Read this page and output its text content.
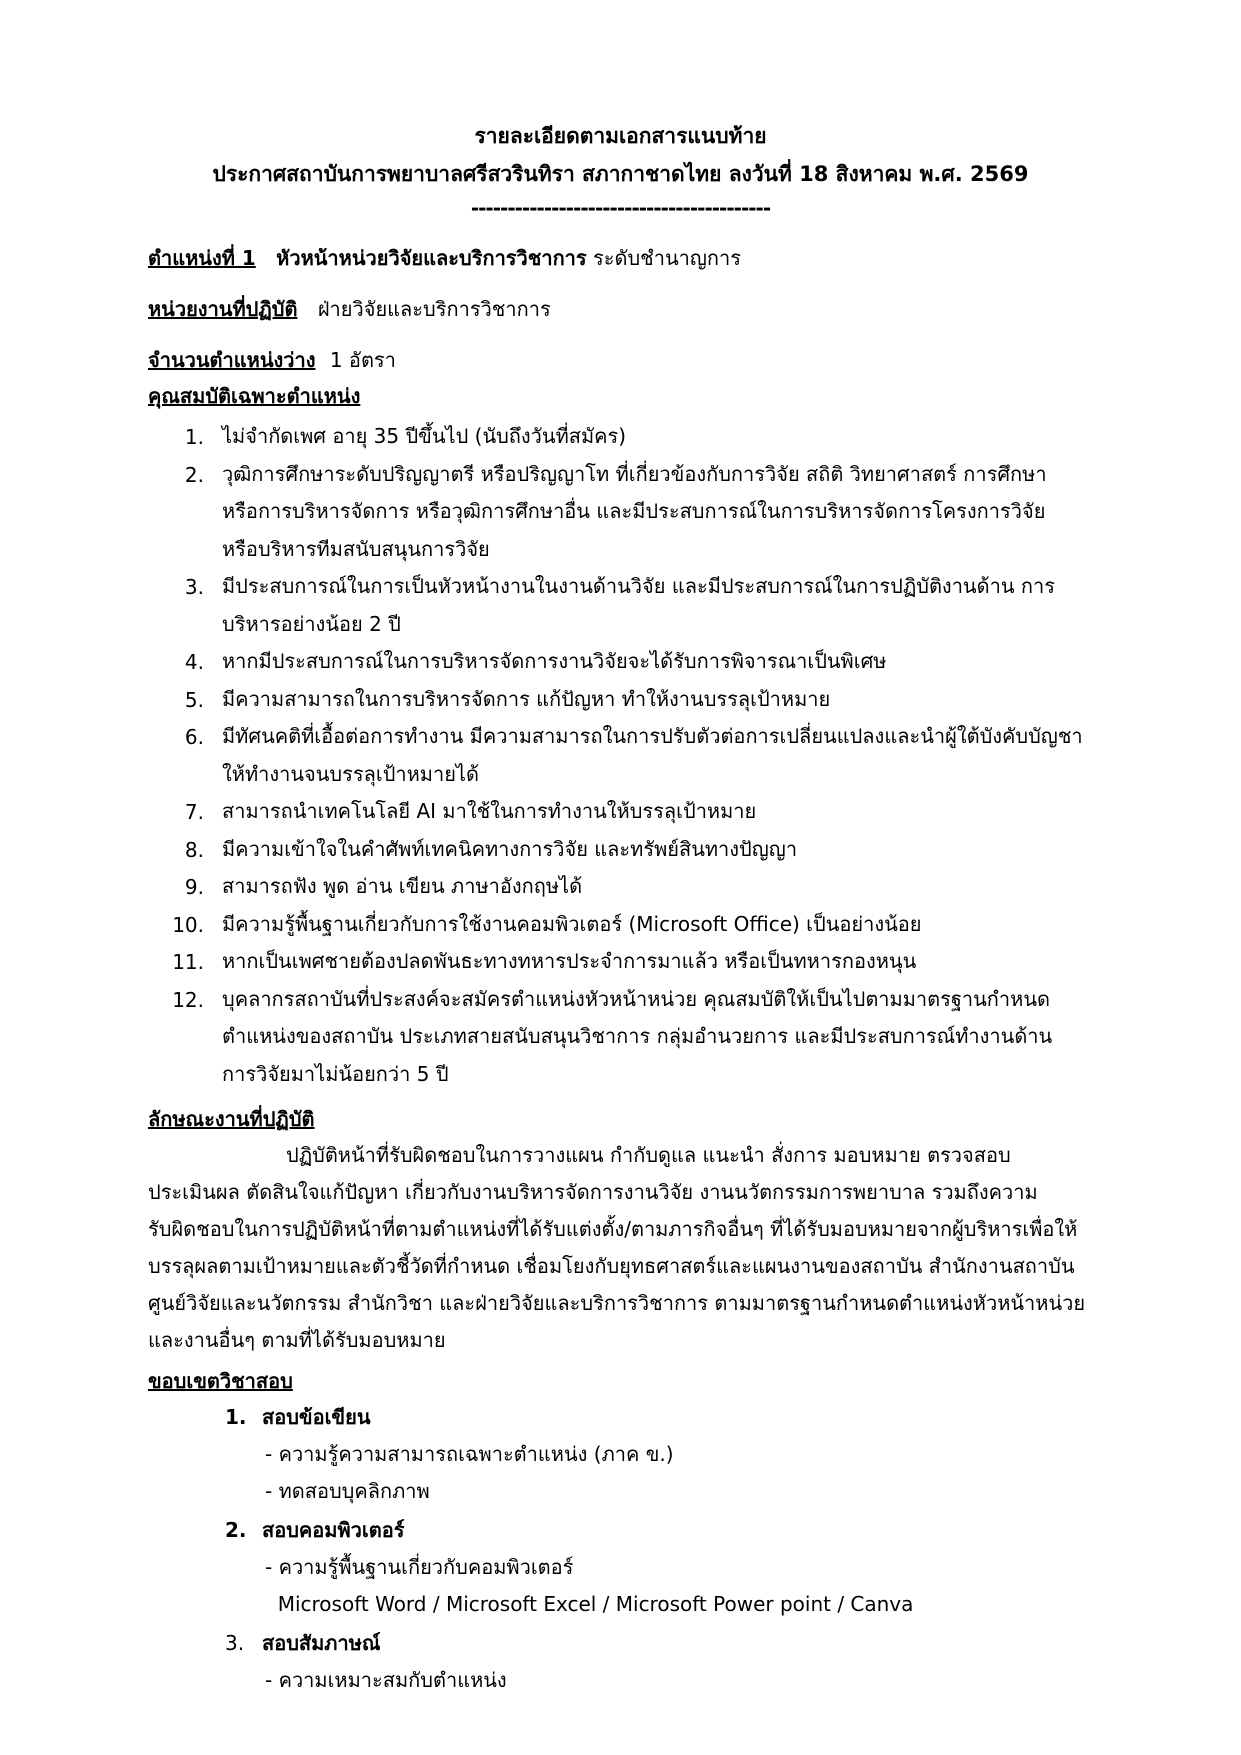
รายละเอียดตามเอกสารแนบท้าย
ประกาศสถาบันการพยาบาลศรีสวรินทิรา สภากาชาดไทย ลงวันที่ 18 สิงหาคม พ.ศ. 2569
-----------------------------------------
ตำแหน่งที่ 1 หัวหน้าหน่วยวิจัยและบริการวิชาการ ระดับชำนาญการ
หน่วยงานที่ปฏิบัติ ฝ่ายวิจัยและบริการวิชาการ
จำนวนตำแหน่งว่าง 1 อัตรา
คุณสมบัติเฉพาะตำแหน่ง
1. ไม่จำกัดเพศ อายุ 35 ปีขึ้นไป (นับถึงวันที่สมัคร)
2. วุฒิการศึกษาระดับปริญญาตรี หรือปริญญาโท ที่เกี่ยวข้องกับการวิจัย สถิติ วิทยาศาสตร์ การศึกษา
หรือการบริหารจัดการ หรือวุฒิการศึกษาอื่น และมีประสบการณ์ในการบริหารจัดการโครงการวิจัย
หรือบริหารทีมสนับสนุนการวิจัย
3. มีประสบการณ์ในการเป็นหัวหน้างานในงานด้านวิจัย และมีประสบการณ์ในการปฏิบัติงานด้าน การ
บริหารอย่างน้อย 2 ปี
4. หากมีประสบการณ์ในการบริหารจัดการงานวิจัยจะได้รับการพิจารณาเป็นพิเศษ
5. มีความสามารถในการบริหารจัดการ แก้ปัญหา ทำให้งานบรรลุเป้าหมาย
6. มีทัศนคติที่เอื้อต่อการทำงาน มีความสามารถในการปรับตัวต่อการเปลี่ยนแปลงและนำผู้ใต้บังคับบัญชา
ให้ทำงานจนบรรลุเป้าหมายได้
7. สามารถนำเทคโนโลยี AI มาใช้ในการทำงานให้บรรลุเป้าหมาย
8. มีความเข้าใจในคำศัพท์เทคนิคทางการวิจัย และทรัพย์สินทางปัญญา
9. สามารถฟัง พูด อ่าน เขียน ภาษาอังกฤษได้
10. มีความรู้พื้นฐานเกี่ยวกับการใช้งานคอมพิวเตอร์ (Microsoft Office) เป็นอย่างน้อย
11. หากเป็นเพศชายต้องปลดพันธะทางทหารประจำการมาแล้ว หรือเป็นทหารกองหนุน
12. บุคลากรสถาบันที่ประสงค์จะสมัครตำแหน่งหัวหน้าหน่วย คุณสมบัติให้เป็นไปตามมาตรฐานกำหนด
ตำแหน่งของสถาบัน ประเภทสายสนับสนุนวิชาการ กลุ่มอำนวยการ และมีประสบการณ์ทำงานด้าน
การวิจัยมาไม่น้อยกว่า 5 ปี
ลักษณะงานที่ปฏิบัติ
ปฏิบัติหน้าที่รับผิดชอบในการวางแผน กำกับดูแล แนะนำ สั่งการ มอบหมาย ตรวจสอบ
ประเมินผล ตัดสินใจแก้ปัญหา เกี่ยวกับงานบริหารจัดการงานวิจัย งานนวัตกรรมการพยาบาล รวมถึงความ
รับผิดชอบในการปฏิบัติหน้าที่ตามตำแหน่งที่ได้รับแต่งตั้ง/ตามภารกิจอื่นๆ ที่ได้รับมอบหมายจากผู้บริหารเพื่อให้
บรรลุผลตามเป้าหมายและตัวชี้วัดที่กำหนด เชื่อมโยงกับยุทธศาสตร์และแผนงานของสถาบัน สำนักงานสถาบัน
ศูนย์วิจัยและนวัตกรรม สำนักวิชา และฝ่ายวิจัยและบริการวิชาการ ตามมาตรฐานกำหนดตำแหน่งหัวหน้าหน่วย
และงานอื่นๆ ตามที่ได้รับมอบหมาย
ขอบเขตวิชาสอบ
1. สอบข้อเขียน
- ความรู้ความสามารถเฉพาะตำแหน่ง (ภาค ข.)
- ทดสอบบุคลิกภาพ
2. สอบคอมพิวเตอร์
- ความรู้พื้นฐานเกี่ยวกับคอมพิวเตอร์
Microsoft Word / Microsoft Excel / Microsoft Power point / Canva
3. สอบสัมภาษณ์
- ความเหมาะสมกับตำแหน่ง
